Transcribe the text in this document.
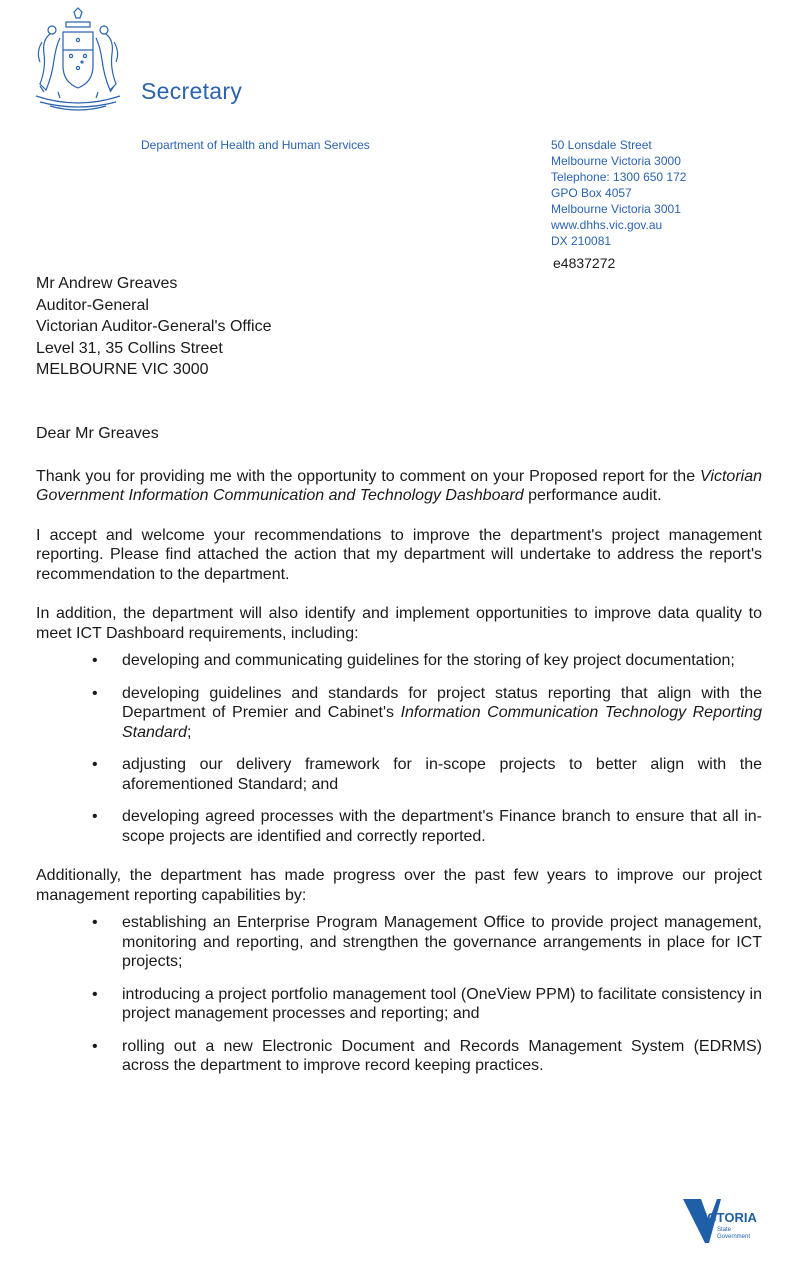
Secretary
Department of Health and Human Services	50 Lonsdale Street
Melbourne Victoria 3000
Telephone: 1300 650 172
GPO Box 4057
Melbourne Victoria 3001
www.dhhs.vic.gov.au
DX 210081
e4837272
Mr Andrew Greaves
Auditor-General
Victorian Auditor-General's Office
Level 31, 35 Collins Street
MELBOURNE VIC 3000
Dear Mr Greaves
Thank you for providing me with the opportunity to comment on your Proposed report for the Victorian Government Information Communication and Technology Dashboard performance audit.
I accept and welcome your recommendations to improve the department's project management reporting. Please find attached the action that my department will undertake to address the report's recommendation to the department.
In addition, the department will also identify and implement opportunities to improve data quality to meet ICT Dashboard requirements, including:
• developing and communicating guidelines for the storing of key project documentation;
• developing guidelines and standards for project status reporting that align with the Department of Premier and Cabinet's Information Communication Technology Reporting Standard;
• adjusting our delivery framework for in-scope projects to better align with the aforementioned Standard; and
• developing agreed processes with the department's Finance branch to ensure that all in-scope projects are identified and correctly reported.
Additionally, the department has made progress over the past few years to improve our project management reporting capabilities by:
• establishing an Enterprise Program Management Office to provide project management, monitoring and reporting, and strengthen the governance arrangements in place for ICT projects;
• introducing a project portfolio management tool (OneView PPM) to facilitate consistency in project management processes and reporting; and
• rolling out a new Electronic Document and Records Management System (EDRMS) across the department to improve record keeping practices.
VICTORIA
State
Government
